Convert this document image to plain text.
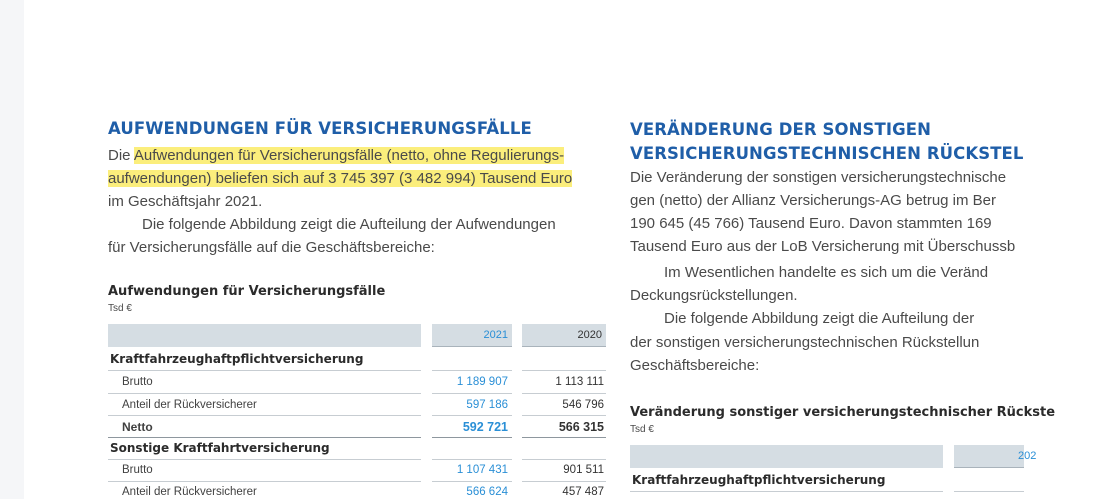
AUFWENDUNGEN FÜR VERSICHERUNGSFÄLLE

Die Aufwendungen für Versicherungsfälle (netto, ohne Regulierungs-

aufwendungen) beliefen sich auf 3 745 397 (3 482 994) Tausend Euro

im Geschäftsjahr 2021.

Die folgende Abbildung zeigt die Aufteilung der Aufwendungen

für Versicherungsfälle auf die Geschäftsbereiche:

Aufwendungen für Versicherungsfälle
Tsd €
2021	2020
Kraftfahrzeughaftpflichtversicherung
Brutto	1 189 907	1 113 111
Anteil der Rückversicherer	597 186	546 796
Netto	592 721	566 315
Sonstige Kraftfahrtversicherung
Brutto	1 107 431	901 511
Anteil der Rückversicherer	566 624	457 487
VERÄNDERUNG DER SONSTIGEN
VERSICHERUNGSTECHNISCHEN RÜCKSTEL

Die Veränderung der sonstigen versicherungstechnische

gen (netto) der Allianz Versicherungs-AG betrug im Ber

190 645 (45 766) Tausend Euro. Davon stammten 169

Tausend Euro aus der LoB Versicherung mit Überschussb

Im Wesentlichen handelte es sich um die Veränd

Deckungsrückstellungen.

Die folgende Abbildung zeigt die Aufteilung der

der sonstigen versicherungstechnischen Rückstellun

Geschäftsbereiche:

Veränderung sonstiger versicherungstechnischer Rückste
Tsd €
202
Kraftfahrzeughaftpflichtversicherung
